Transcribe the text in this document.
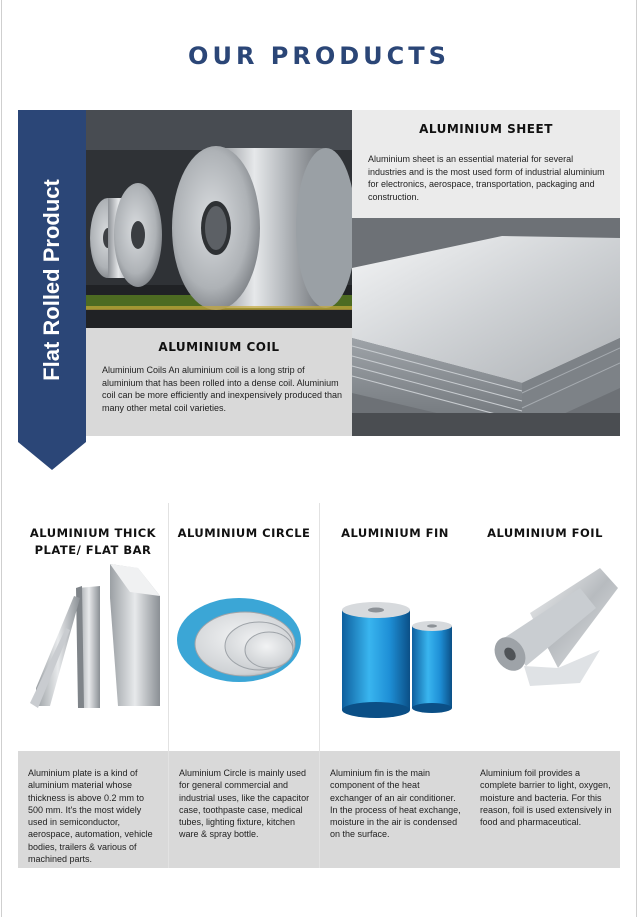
OUR PRODUCTS
ALUMINIUM COIL

Aluminium Coils An aluminium coil is a long strip of aluminium that has been rolled into a dense coil. Aluminium coil can be more efficiently and inexpensively produced than many other metal coil varieties.

ALUMINIUM SHEET

Aluminium sheet is an essential material for several industries and is the most used form of industrial aluminium for electronics, aerospace, transportation, packaging and construction.

Flat Rolled Product
ALUMINIUM THICK PLATE/ FLAT BAR

Aluminium plate is a kind of aluminium material whose thickness is above 0.2 mm to 500 mm. It's the most widely used in semiconductor, aerospace, automation, vehicle bodies, trailers & various of machined parts.

ALUMINIUM CIRCLE

Aluminium Circle is mainly used for general commercial and industrial uses, like the capacitor case, toothpaste case, medical tubes, lighting fixture, kitchen ware & spray bottle.

ALUMINIUM FIN

Aluminium fin is the main component of the heat exchanger of an air conditioner. In the process of heat exchange, moisture in the air is condensed on the surface.

ALUMINIUM FOIL

Aluminium foil provides a complete barrier to light, oxygen, moisture and bacteria. For this reason, foil is used extensively in food and pharmaceutical.
